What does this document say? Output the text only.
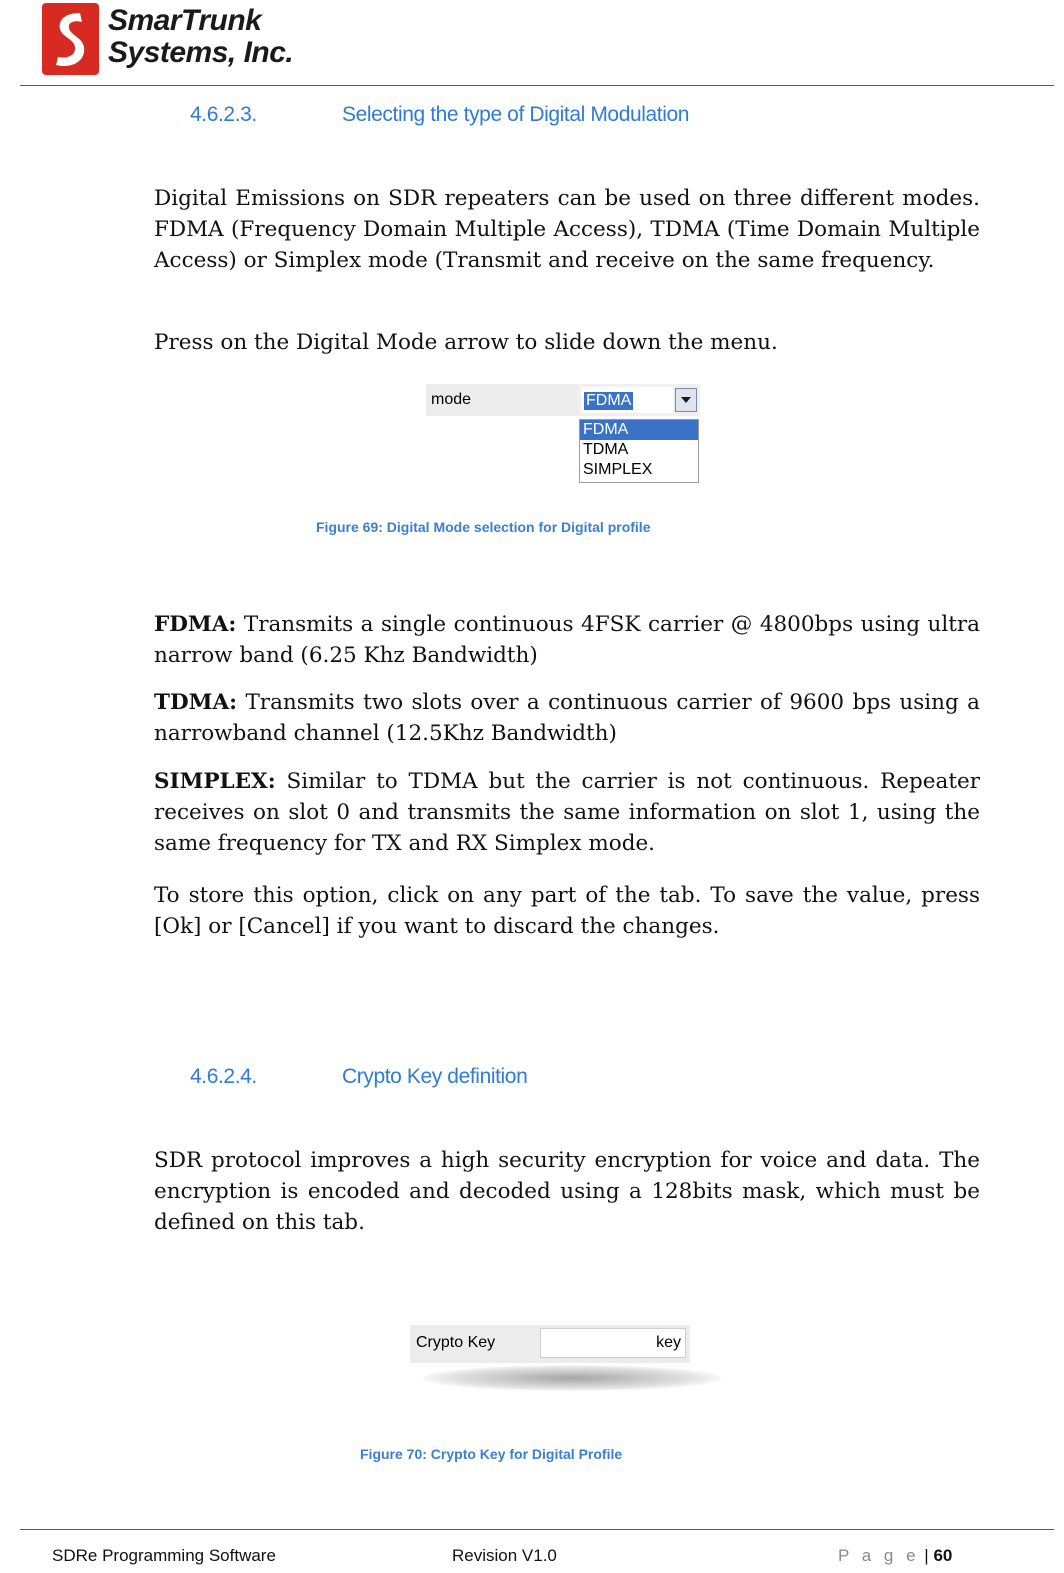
SmarTrunk
Systems, Inc.
4.6.2.3.	Selecting the type of Digital Modulation

Digital Emissions on SDR repeaters can be used on three different modes. FDMA (Frequency Domain Multiple Access), TDMA (Time Domain Multiple Access) or Simplex mode (Transmit and receive on the same frequency.

Press on the Digital Mode arrow to slide down the menu.

mode	FDMA
FDMA
TDMA
SIMPLEX
Figure 69: Digital Mode selection for Digital profile

FDMA: Transmits a single continuous 4FSK carrier @ 4800bps using ultra narrow band (6.25 Khz Bandwidth)

TDMA: Transmits two slots over a continuous carrier of 9600 bps using a narrowband channel (12.5Khz Bandwidth)

SIMPLEX: Similar to TDMA but the carrier is not continuous. Repeater receives on slot 0 and transmits the same information on slot 1, using the same frequency for TX and RX Simplex mode.

To store this option, click on any part of the tab. To save the value, press [Ok] or [Cancel] if you want to discard the changes.

4.6.2.4.	Crypto Key definition

SDR protocol improves a high security encryption for voice and data. The encryption is encoded and decoded using a 128bits mask, which must be defined on this tab.

Crypto Key	key
Figure 70: Crypto Key for Digital Profile
SDRe Programming Software	Revision V1.0	P a g e | 60
